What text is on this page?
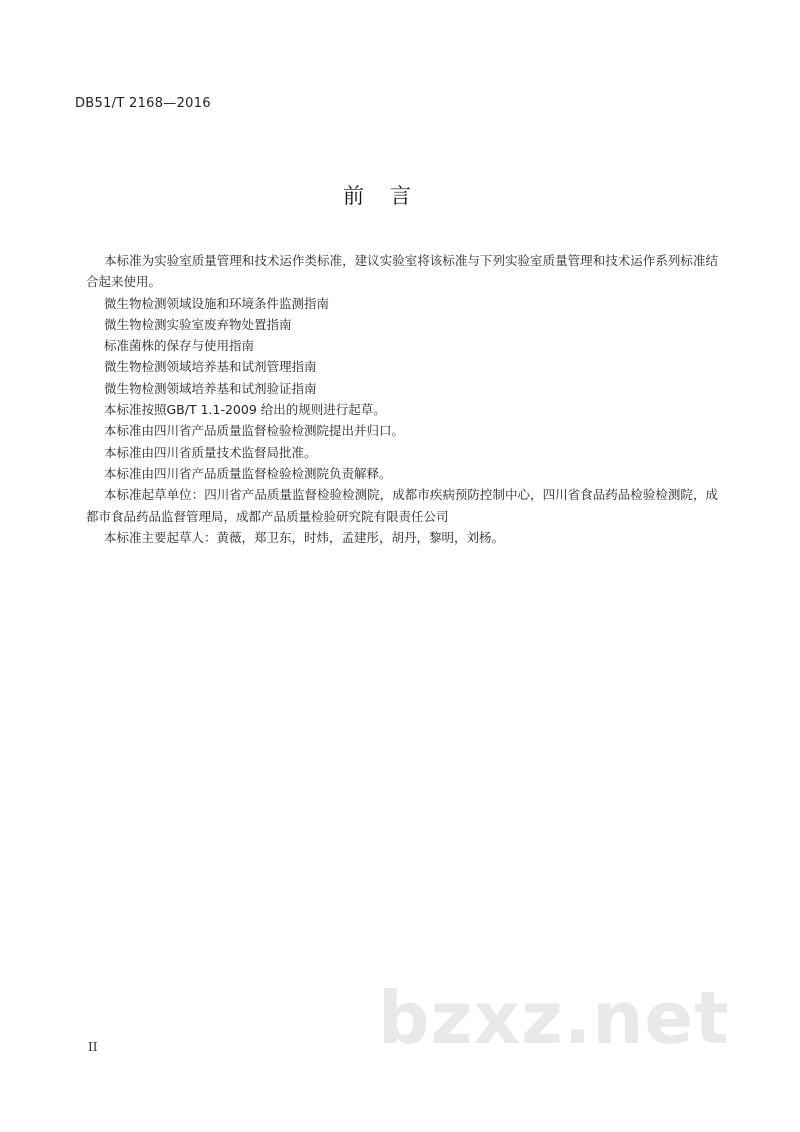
DB51/T 2168—2016
前言

本标准为实验室质量管理和技术运作类标准，建议实验室将该标准与下列实验室质量管理和技术运作系列标准结合起来使用。

微生物检测领域设施和环境条件监测指南

微生物检测实验室废弃物处置指南

标准菌株的保存与使用指南

微生物检测领域培养基和试剂管理指南

微生物检测领域培养基和试剂验证指南

本标准按照GB/T 1.1-2009 给出的规则进行起草。

本标准由四川省产品质量监督检验检测院提出并归口。

本标准由四川省质量技术监督局批准。

本标准由四川省产品质量监督检验检测院负责解释。

本标准起草单位：四川省产品质量监督检验检测院，成都市疾病预防控制中心，四川省食品药品检验检测院，成都市食品药品监督管理局，成都产品质量检验研究院有限责任公司

本标准主要起草人：黄薇，郑卫东，时炜，孟建彤，胡丹，黎明，刘杨。

II	bzxz.net
